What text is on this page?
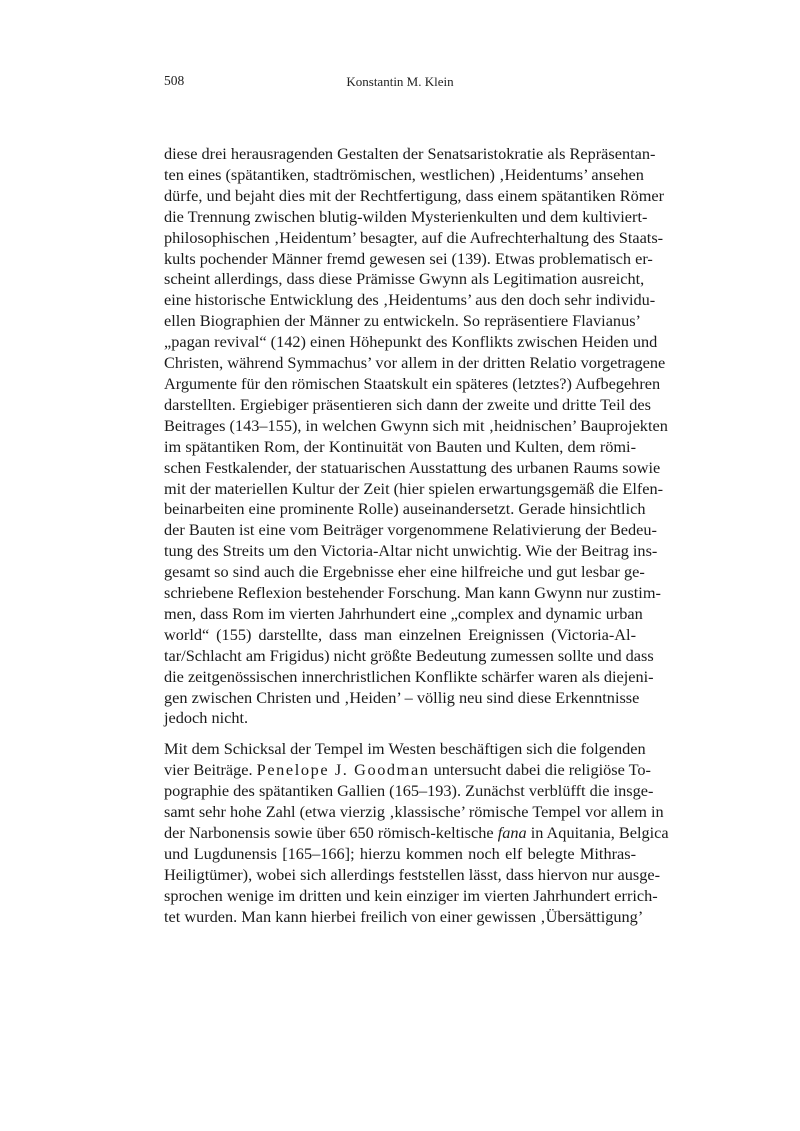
508	Konstantin M. Klein

diese drei herausragenden Gestalten der Senatsaristokratie als Repräsentan-
ten eines (spätantiken, stadtrömischen, westlichen) ‚Heidentums’ ansehen
dürfe, und bejaht dies mit der Rechtfertigung, dass einem spätantiken Römer
die Trennung zwischen blutig-wilden Mysterienkulten und dem kultiviert-
philosophischen ‚Heidentum’ besagter, auf die Aufrechterhaltung des Staats-
kults pochender Männer fremd gewesen sei (139). Etwas problematisch er-
scheint allerdings, dass diese Prämisse Gwynn als Legitimation ausreicht,
eine historische Entwicklung des ‚Heidentums’ aus den doch sehr individu-
ellen Biographien der Männer zu entwickeln. So repräsentiere Flavianus’
„pagan revival“ (142) einen Höhepunkt des Konflikts zwischen Heiden und
Christen, während Symmachus’ vor allem in der dritten Relatio vorgetragene
Argumente für den römischen Staatskult ein späteres (letztes?) Aufbegehren
darstellten. Ergiebiger präsentieren sich dann der zweite und dritte Teil des
Beitrages (143–155), in welchen Gwynn sich mit ‚heidnischen’ Bauprojekten
im spätantiken Rom, der Kontinuität von Bauten und Kulten, dem römi-
schen Festkalender, der statuarischen Ausstattung des urbanen Raums sowie
mit der materiellen Kultur der Zeit (hier spielen erwartungsgemäß die Elfen-
beinarbeiten eine prominente Rolle) auseinandersetzt. Gerade hinsichtlich
der Bauten ist eine vom Beiträger vorgenommene Relativierung der Bedeu-
tung des Streits um den Victoria-Altar nicht unwichtig. Wie der Beitrag ins-
gesamt so sind auch die Ergebnisse eher eine hilfreiche und gut lesbar ge-
schriebene Reflexion bestehender Forschung. Man kann Gwynn nur zustim-
men, dass Rom im vierten Jahrhundert eine „complex and dynamic urban
world“ (155) darstellte, dass man einzelnen Ereignissen (Victoria-Al-
tar/Schlacht am Frigidus) nicht größte Bedeutung zumessen sollte und dass
die zeitgenössischen innerchristlichen Konflikte schärfer waren als diejeni-
gen zwischen Christen und ‚Heiden’ – völlig neu sind diese Erkenntnisse
jedoch nicht.

Mit dem Schicksal der Tempel im Westen beschäftigen sich die folgenden
vier Beiträge. Penelope J. Goodman untersucht dabei die religiöse To-
pographie des spätantiken Gallien (165–193). Zunächst verblüfft die insge-
samt sehr hohe Zahl (etwa vierzig ‚klassische’ römische Tempel vor allem in
der Narbonensis sowie über 650 römisch-keltische fana in Aquitania, Belgica
und Lugdunensis [165–166]; hierzu kommen noch elf belegte Mithras-
Heiligtümer), wobei sich allerdings feststellen lässt, dass hiervon nur ausge-
sprochen wenige im dritten und kein einziger im vierten Jahrhundert errich-
tet wurden. Man kann hierbei freilich von einer gewissen ‚Übersättigung’
